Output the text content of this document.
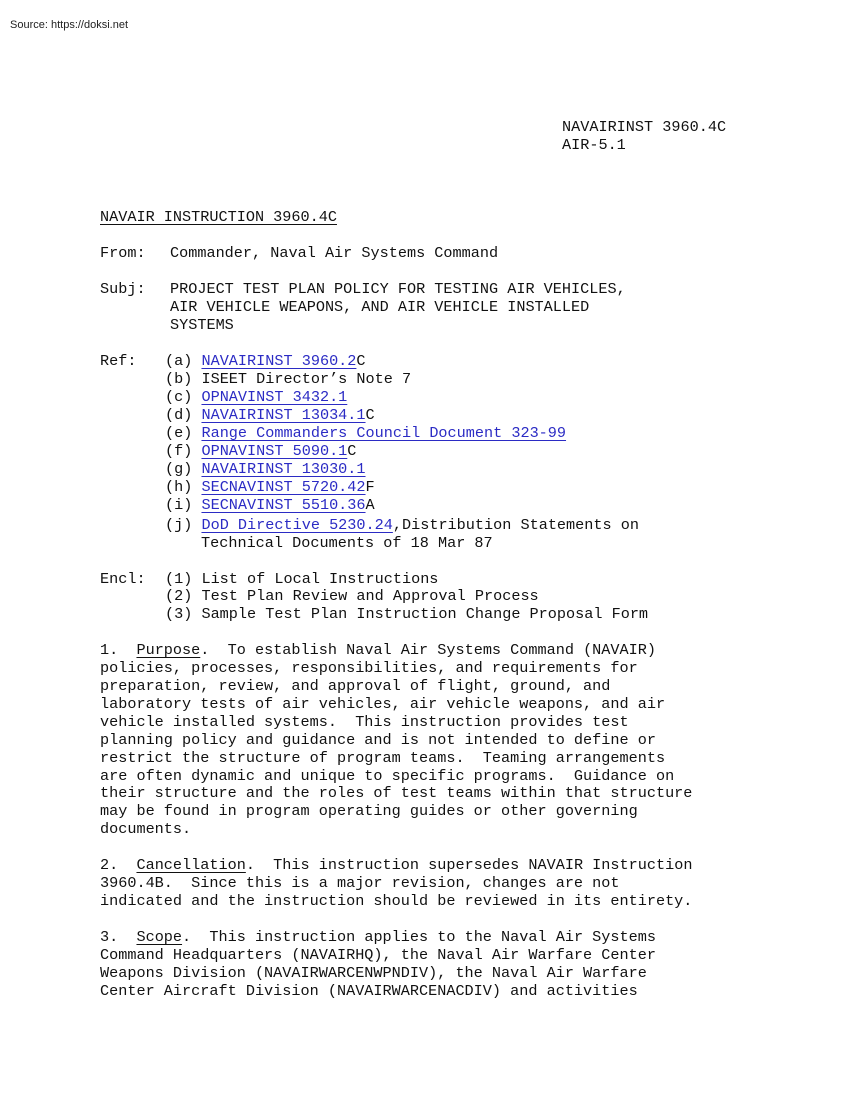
Source: https://doksi.net
NAVAIRINST 3960.4C
AIR-5.1
NAVAIR INSTRUCTION 3960.4C
From: Commander, Naval Air Systems Command
Subj: PROJECT TEST PLAN POLICY FOR TESTING AIR VEHICLES,
AIR VEHICLE WEAPONS, AND AIR VEHICLE INSTALLED
SYSTEMS
Ref: (a) NAVAIRINST 3960.2C
(b) ISEET Director’s Note 7
(c) OPNAVINST 3432.1
(d) NAVAIRINST 13034.1C
(e) Range Commanders Council Document 323-99
(f) OPNAVINST 5090.1C
(g) NAVAIRINST 13030.1
(h) SECNAVINST 5720.42F
(i) SECNAVINST 5510.36A
(j) DoD Directive 5230.24,Distribution Statements on
Technical Documents of 18 Mar 87
Encl: (1) List of Local Instructions
(2) Test Plan Review and Approval Process
(3) Sample Test Plan Instruction Change Proposal Form
1. Purpose.  To establish Naval Air Systems Command (NAVAIR)
policies, processes, responsibilities, and requirements for
preparation, review, and approval of flight, ground, and
laboratory tests of air vehicles, air vehicle weapons, and air
vehicle installed systems.  This instruction provides test
planning policy and guidance and is not intended to define or
restrict the structure of program teams.  Teaming arrangements
are often dynamic and unique to specific programs.  Guidance on
their structure and the roles of test teams within that structure
may be found in program operating guides or other governing
documents.
2. Cancellation.  This instruction supersedes NAVAIR Instruction
3960.4B.  Since this is a major revision, changes are not
indicated and the instruction should be reviewed in its entirety.
3. Scope.  This instruction applies to the Naval Air Systems
Command Headquarters (NAVAIRHQ), the Naval Air Warfare Center
Weapons Division (NAVAIRWARCENWPNDIV), the Naval Air Warfare
Center Aircraft Division (NAVAIRWARCENACDIV) and activities
